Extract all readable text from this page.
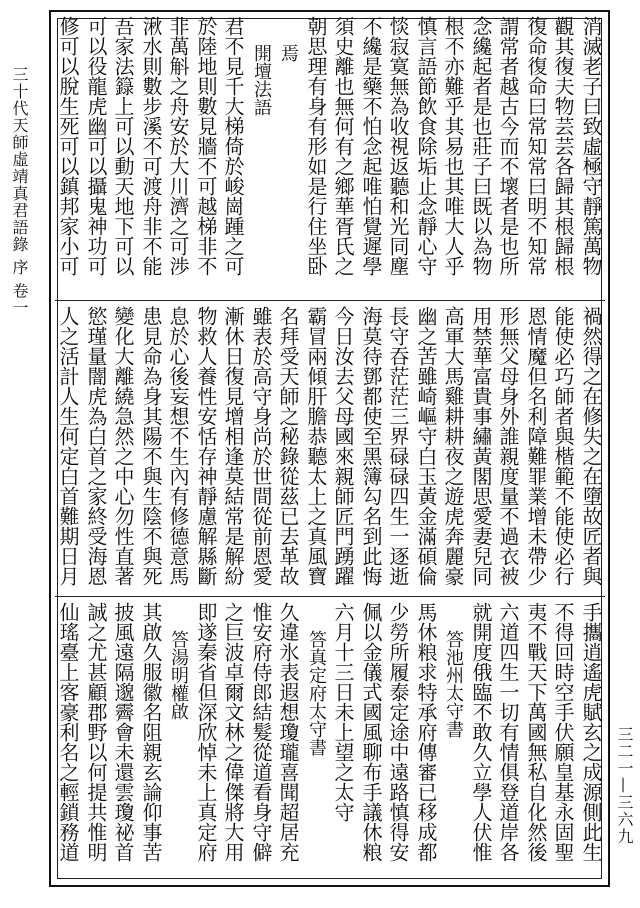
三十代天師虛靖真君語錄 序 卷一
三二一—三六九
消滅老子曰致虛極守靜篤萬物
觀其復夫物芸芸各歸其根歸根
復命復命曰常知常曰明不知常
謂常者越古今而不壞者是也所
念纔起者是也莊子曰既以為物
根不亦難乎其易也其唯大人乎
慎言語節飲食除垢止念靜心守
惔寂寞無為收視返聽和光同塵
不纔是藥不怕念起唯怕覺遲學
須史離也無何有之鄉華胥氏之
朝思理有身有形如是行住坐卧
焉
開壇法語
君不見千大梯倚於峻崗踵之可
於陸地則數見牆不可越梯非不
非萬斛之舟安於大川濟之可渉
湫水則數步溪不可渡舟非不能
吾家法籙上可以動天地下可以
可以役龍虎幽可以攝鬼神功可
修可以脫生死可以鎮邦家小可
禍然得之在修失之在墮故匠者與
能使必巧師者與楷範不能使必行
恩情魔但名利障難罪業增未帶少
形無父母身外誰親度量不過衣被
用禁華富貴事繡黃閣思愛妻兒同
高軍大馬雞耕耕夜之遊虎奔麗豪
幽之苦雖崎嶇守白玉黃金滿碩倫
長守吞茫茫三界碌碌四生一逐逝
海莫待鄧都使至黑簿勾名到此悔
今日汝去父母國來親師匠門踴躍
霸冒兩傾肝膽恭聽太上之真風寶
名拜受天師之秘錄從茲已去革故
雖表於高守身尚於世間從前恩愛
漸休日復見增相逢莫結常是解紛
物救人養性安恬存神靜慮解縣斷
息於心後妄想不生內有修德意馬
患見命為身其陽不與生陰不與死
變化大離繞急然之中心勿性直著
慾瑾量闇虎為白首之家終受海恩
人之活計人生何定白首難期日月
手攜逍遙虎賦玄之成源側此生
不得回時空手伏願皇基永固聖
夷不戰天下萬國無私自化然後
六道四生一切有情俱登道岸各
就開度俄臨不敢久立學人伏惟
答池州太守書
馬休粮求特承府傳審已移成都
少勞所履泰定途中遠路慎得安
佩以金儀式國風聊布手議休粮
六月十三日未上望之太守
答真定府太守書
久違氷表遐想瓊瓏喜聞超居充
惟安府侍郎結髮從道看身守僻
之巨波卓爾文林之偉傑將大用
即遂秦省但深欣悼未上真定府
答湯明權啟
其啟久服徽名阻親玄論仰事苦
披風遠隔邈霽會未還雲瓊祕首
誠之尤甚顧郡野以何提共惟明
仙瑤臺上客豪利名之輕鎖務道
